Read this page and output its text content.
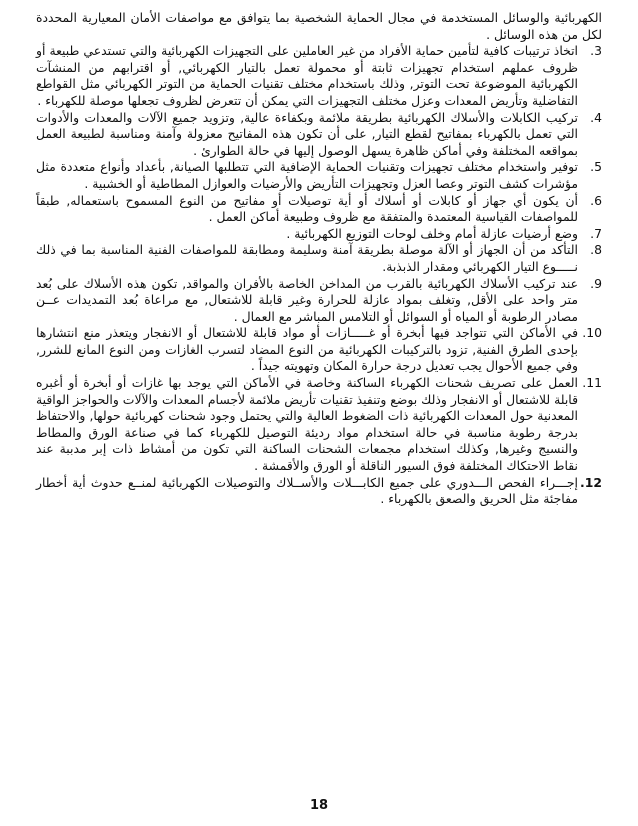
الكهربائية والوسائل المستخدمة في مجال الحماية الشخصية بما يتوافق مع مواصفات الأمان المعيارية المحددة لكل من هذه الوسائل .

3.
اتخاذ ترتيبات كافية لتأمين حماية الأفراد من غير العاملين على التجهيزات الكهربائية والتي تستدعي طبيعة أو ظروف عملهم استخدام تجهيزات ثابتة أو محمولة تعمل بالتيار الكهربائي, أو اقترابهم من المنشآت الكهربائية الموضوعة تحت التوتر, وذلك باستخدام مختلف تقنيات الحماية من التوتر الكهربائي مثل القواطع التفاضلية وتأريض المعدات وعزل مختلف التجهيزات التي يمكن أن تتعرض لظروف تجعلها موصلة للكهرباء .
4.
تركيب الكابلات والأسلاك الكهربائية بطريقة ملائمة وبكفاءة عالية, وتزويد جميع الآلات والمعدات والأدوات التي تعمل بالكهرباء بمفاتيح لقطع التيار, على أن تكون هذه المفاتيح معزولة وآمنة ومناسبة لطبيعة العمل بمواقعه المختلفة وفي أماكن ظاهرة يسهل الوصول إليها في حالة الطوارئ .
5.
توفير واستخدام مختلف تجهيزات وتقنيات الحماية الإضافية التي تتطلبها الصيانة, بأعداد وأنواع متعددة مثل مؤشرات كشف التوتر وعصا العزل وتجهيزات التأريض والأرضيات والعوازل المطاطية أو الخشبية .
6.
أن يكون أي جهاز أو كابلات أو أسلاك أو أية توصيلات أو مفاتيح من النوع المسموح باستعماله, طبقاً للمواصفات القياسية المعتمدة والمتفقة مع ظروف وطبيعة أماكن العمل .
7.
وضع أرضيات عازلة أمام وخلف لوحات التوزيع الكهربائية .
8.
التأكد من أن الجهاز أو الآلة موصلة بطريقة آمنة وسليمة ومطابقة للمواصفات الفنية المناسبة بما في ذلك نـــــوع التيار الكهربائي ومقدار الذبذبة.
9.
عند تركيب الأسلاك الكهربائية بالقرب من المداخن الخاصة بالأفران والمواقد, تكون هذه الأسلاك على بُعد متر واحد على الأقل, وتغلف بمواد عازلة للحرارة وغير قابلة للاشتعال, مع مراعاة بُعد التمديدات عــن مصادر الرطوبة أو المياه أو السوائل أو التلامس المباشر مع العمال .
10.
في الأماكن التي تتواجد فيها أبخرة أو غـــــازات أو مواد قابلة للاشتعال أو الانفجار ويتعذر منع انتشارها بإحدى الطرق الفنية, تزود بالتركيبات الكهربائية من النوع المضاد لتسرب الغازات ومن النوع المانع للشرر, وفي جميع الأحوال يجب تعديل درجة حرارة المكان وتهويته جيداً .
11.
العمل على تصريف شحنات الكهرباء الساكنة وخاصة في الأماكن التي يوجد بها غازات أو أبخرة أو أغبره قابلة للاشتعال أو الانفجار وذلك بوضع وتنفيذ تقنيات تأريض ملائمة لأجسام المعدات والآلات والحواجز الواقية المعدنية حول المعدات الكهربائية ذات الضغوط العالية والتي يحتمل وجود شحنات كهربائية حولها, والاحتفاظ بدرجة رطوبة مناسبة في حالة استخدام مواد رديئة التوصيل للكهرباء كما في صناعة الورق والمطاط والنسيج وغيرها, وكذلك استخدام مجمعات الشحنات الساكنة التي تكون من أمشاط ذات إبر مدببة عند نقاط الاحتكاك المختلفة فوق السيور الناقلة أو الورق والأقمشة .
12.
إجـــراء الفحص الـــدوري على جميع الكابـــلات والأســلاك والتوصيلات الكهربائية لمنــع حدوث أية أخطار مفاجئة مثل الحريق والصعق بالكهرباء .
18
